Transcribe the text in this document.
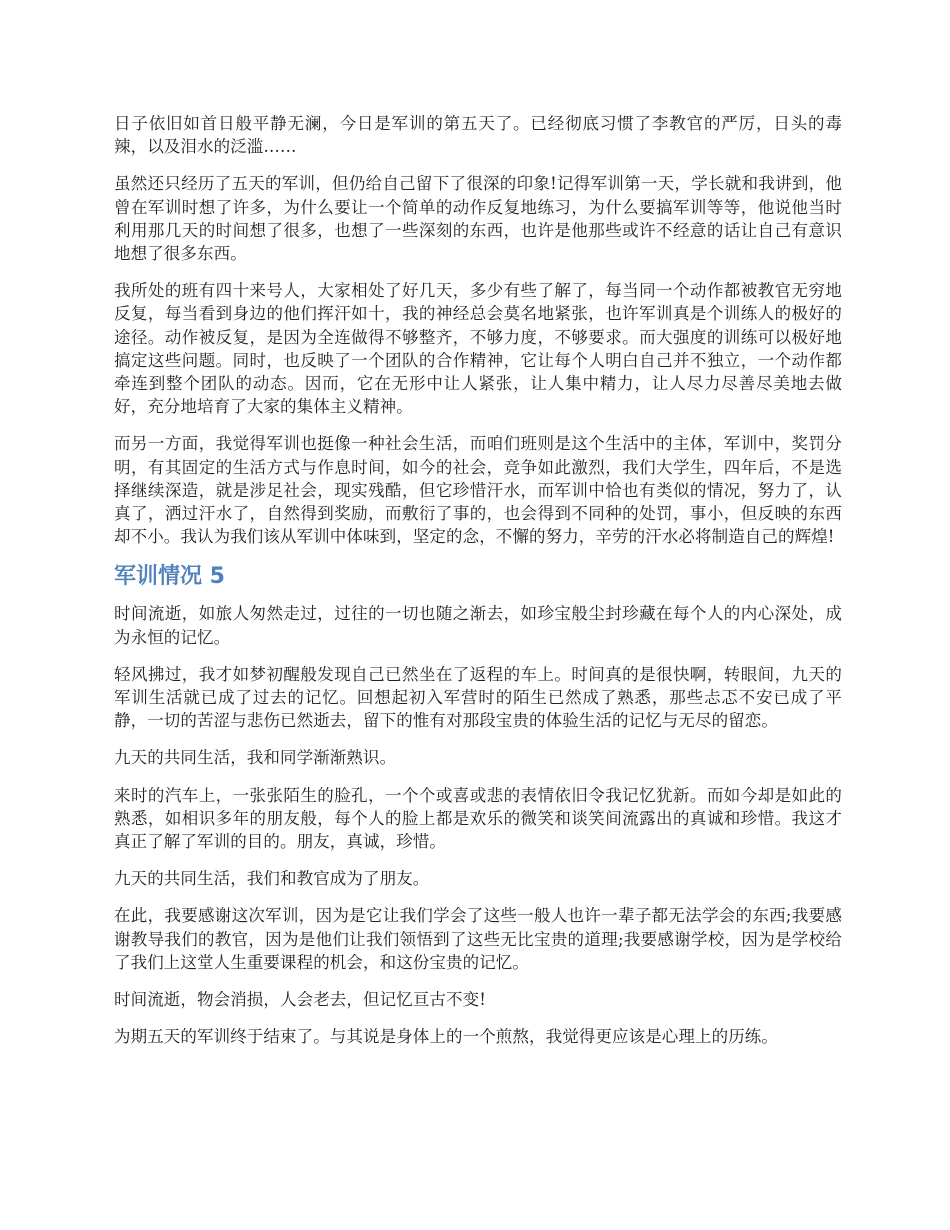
日子依旧如首日般平静无澜，今日是军训的第五天了。已经彻底习惯了李教官的严厉，日头的毒辣，以及泪水的泛滥……

虽然还只经历了五天的军训，但仍给自己留下了很深的印象!记得军训第一天，学长就和我讲到，他曾在军训时想了许多，为什么要让一个简单的动作反复地练习，为什么要搞军训等等，他说他当时利用那几天的时间想了很多，也想了一些深刻的东西，也许是他那些或许不经意的话让自己有意识地想了很多东西。

我所处的班有四十来号人，大家相处了好几天，多少有些了解了，每当同一个动作都被教官无穷地反复，每当看到身边的他们挥汗如十，我的神经总会莫名地紧张，也许军训真是个训练人的极好的途径。动作被反复，是因为全连做得不够整齐，不够力度，不够要求。而大强度的训练可以极好地搞定这些问题。同时，也反映了一个团队的合作精神，它让每个人明白自己并不独立，一个动作都牵连到整个团队的动态。因而，它在无形中让人紧张，让人集中精力，让人尽力尽善尽美地去做好，充分地培育了大家的集体主义精神。

而另一方面，我觉得军训也挺像一种社会生活，而咱们班则是这个生活中的主体，军训中，奖罚分明，有其固定的生活方式与作息时间，如今的社会，竞争如此激烈，我们大学生，四年后，不是选择继续深造，就是涉足社会，现实残酷，但它珍惜汗水，而军训中恰也有类似的情况，努力了，认真了，洒过汗水了，自然得到奖励，而敷衍了事的，也会得到不同种的处罚，事小，但反映的东西却不小。我认为我们该从军训中体味到，坚定的念，不懈的努力，辛劳的汗水必将制造自己的辉煌!

军训情况 5

时间流逝，如旅人匆然走过，过往的一切也随之渐去，如珍宝般尘封珍藏在每个人的内心深处，成为永恒的记忆。

轻风拂过，我才如梦初醒般发现自己已然坐在了返程的车上。时间真的是很快啊，转眼间，九天的军训生活就已成了过去的记忆。回想起初入军营时的陌生已然成了熟悉，那些忐忑不安已成了平静，一切的苦涩与悲伤已然逝去，留下的惟有对那段宝贵的体验生活的记忆与无尽的留恋。

九天的共同生活，我和同学渐渐熟识。

来时的汽车上，一张张陌生的脸孔，一个个或喜或悲的表情依旧令我记忆犹新。而如今却是如此的熟悉，如相识多年的朋友般，每个人的脸上都是欢乐的微笑和谈笑间流露出的真诚和珍惜。我这才真正了解了军训的目的。朋友，真诚，珍惜。

九天的共同生活，我们和教官成为了朋友。

在此，我要感谢这次军训，因为是它让我们学会了这些一般人也许一辈子都无法学会的东西;我要感谢教导我们的教官，因为是他们让我们领悟到了这些无比宝贵的道理;我要感谢学校，因为是学校给了我们上这堂人生重要课程的机会，和这份宝贵的记忆。

时间流逝，物会消损，人会老去，但记忆亘古不变!

为期五天的军训终于结束了。与其说是身体上的一个煎熬，我觉得更应该是心理上的历练。
